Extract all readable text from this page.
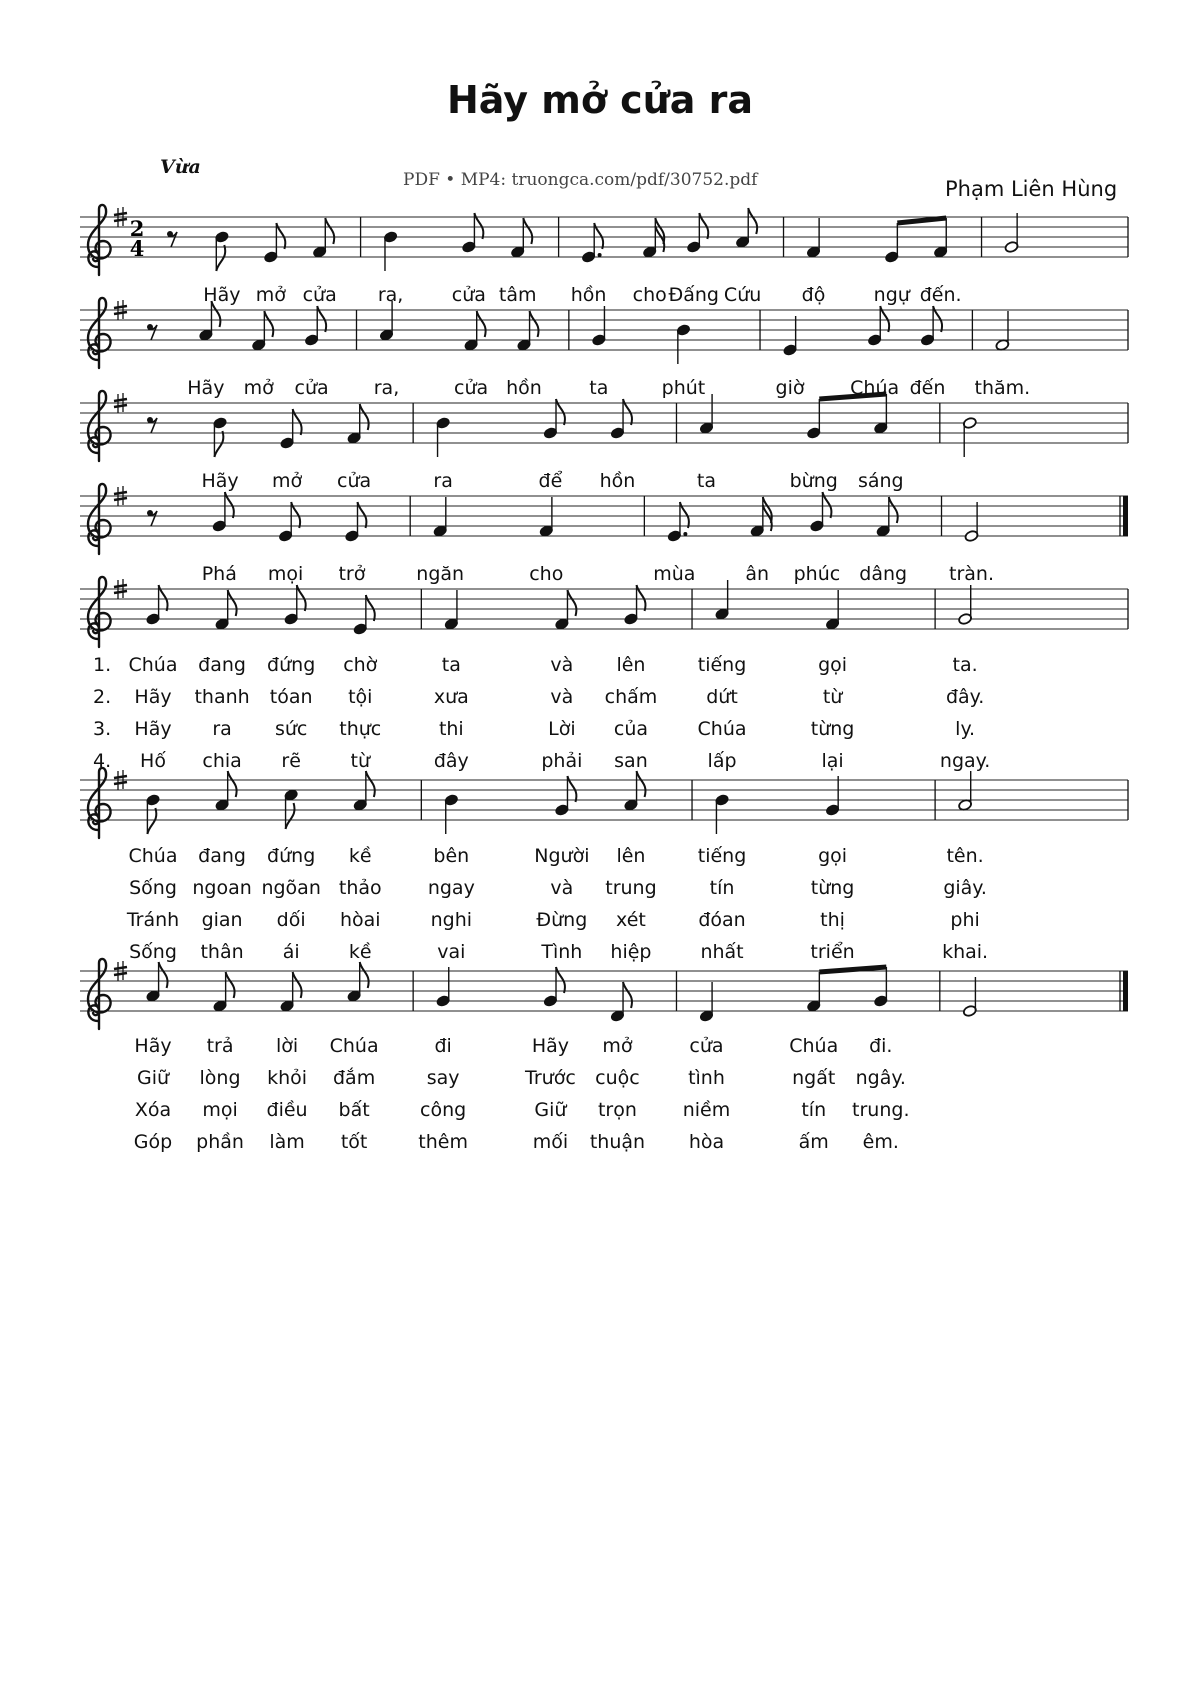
Hãy mở cửa ra
Vừa
PDF • MP4: truongca.com/pdf/30752.pdf	Phạm Liên Hùng
2
4
Hãy mở cửa ra,	cửa tâm hồn cho Đấng Cứu độ	ngự đến.
Hãy mở cửa ra,	cửa hồn ta	phút	giờ Chúa đến thăm.
Hãy mở cửa	ra	để hồn	ta	bừng sáng
Phá mọi trở	ngăn	cho	mùa	ân phúc dâng tràn.
Chúa đang đứng chờ	ta	và lên	tiếng	gọi	ta.
1.
Hãy thanh tóan tội	xưa	và chấm	dứt	từ	đây.
2.
Hãy ra sức thực	thi	Lời của	Chúa	từng	ly.
3.
Hố chia rẽ	từ	đây	phải san	lấp	lại	ngay.
4.
Chúa đang đứng kề	bên	Người lên	tiếng	gọi	tên.
Sống ngoan ngõan thảo ngay	và trung	tín	từng	giây.
Tránh gian dối hòai	nghi	Đừng xét	đóan	thị	phi
Sống thân ái	kề	vai	Tình hiệp	nhất	triển	khai.
Hãy trả lời Chúa	đi	Hãy mở	cửa	Chúa đi.
Giữ lòng khỏi đắm	say	Trước cuộc	tình	ngất ngây.
Xóa mọi điều bất	công	Giữ trọn niềm	tín trung.
Góp phần làm tốt	thêm	mối thuận hòa	ấm êm.
